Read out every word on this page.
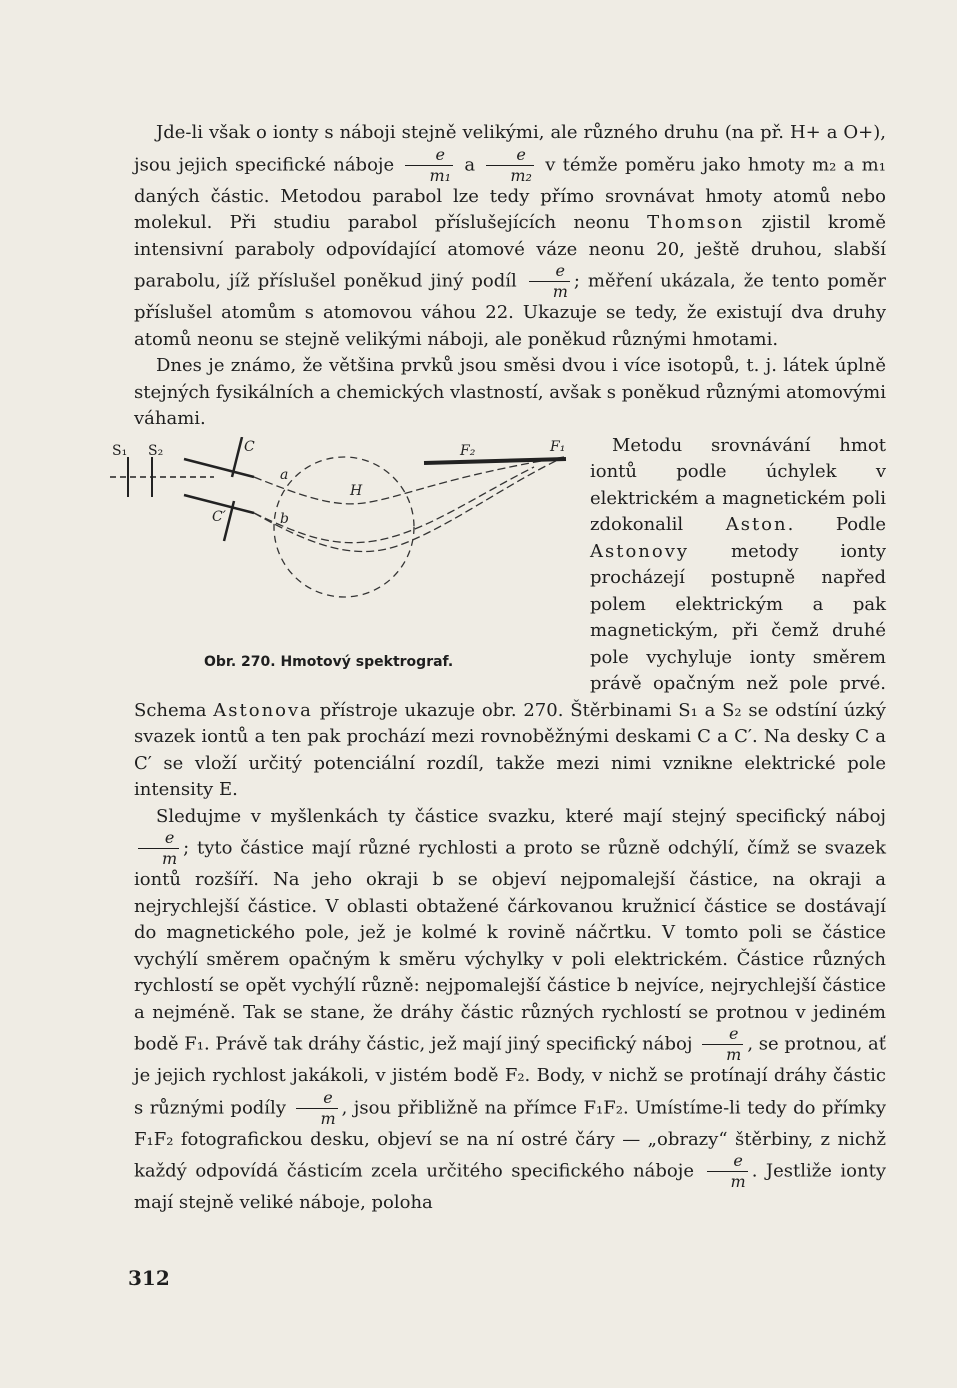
Jde-li však o ionty s náboji stejně velikými, ale různého druhu (na př. H+ a O+), jsou jejich specifické náboje $\frac{e}{\text{m₁}}$ a $\frac{e}{\text{m₂}}$ v témže poměru jako hmoty m₂ a m₁ daných částic. Metodou parabol lze tedy přímo srovnávat hmoty atomů nebo molekul. Při studiu parabol příslušejících neonu Thomson zjistil kromě intensivní paraboly odpovídající atomové váze neonu 20, ještě druhou, slabší parabolu, jíž příslušel poněkud jiný podíl $\frac{e}{m}$ ; měření ukázala, že tento poměr příslušel atomům s atomovou váhou 22. Ukazuje se tedy, že existují dva druhy atomů neonu se stejně velikými náboji, ale poněkud různými hmotami.

Dnes je známo, že většina prvků jsou směsi dvou i více isotopů, t. j. látek úplně stejných fysikálních a chemických vlastností, avšak s poněkud různými atomovými váhami.

S₁ S₂	C
C′
a
b
H
F₂	F₁
Obr. 270. Hmotový spektrograf.

Metodu srovnávání hmot iontů podle úchylek v elektrickém a magnetickém poli zdokonalil Aston. Podle Astonovy metody ionty procházejí postupně napřed polem elektrickým a pak magnetickým, při čemž druhé pole vychyluje ionty směrem právě opačným než pole prvé. Schema Astonova přístroje ukazuje obr. 270. Štěrbinami S₁ a S₂ se odstíní úzký svazek iontů a ten pak prochází mezi rovnoběžnými deskami C a C′. Na desky C a C′ se vloží určitý potenciální rozdíl, takže mezi nimi vznikne elektrické pole intensity E.

Sledujme v myšlenkách ty částice svazku, které mají stejný specifický náboj
$\frac{e}{m}$ ; tyto částice mají různé rychlosti a proto se různě odchýlí, čímž se svazek iontů rozšíří. Na jeho okraji b se objeví nejpomalejší částice, na okraji a nejrychlejší částice. V oblasti obtažené čárkovanou kružnicí částice se dostávají do magnetického pole, jež je kolmé k rovině náčrtku. V tomto poli se částice vychýlí směrem opačným k směru výchylky v poli elektrickém. Částice různých rychlostí se opět vychýlí různě: nejpomalejší částice b nejvíce, nejrychlejší částice a nejméně. Tak se stane, že dráhy částic různých rychlostí se protnou v jediném bodě F₁. Právě tak dráhy částic, jež mají jiný specifický náboj $\frac{e}{m}$ , se protnou, ať je jejich rychlost jakákoli, v jistém bodě F₂. Body, v nichž se protínají dráhy částic s různými podíly $\frac{e}{m}$ , jsou přibližně na přímce F₁F₂. Umístíme-li tedy do přímky F₁F₂ fotografickou desku, objeví se na ní ostré čáry — „obrazy“ štěrbiny, z nichž každý odpovídá částicím zcela určitého specifického náboje $\frac{e}{m}$ . Jestliže ionty mají stejně veliké náboje, poloha

312
